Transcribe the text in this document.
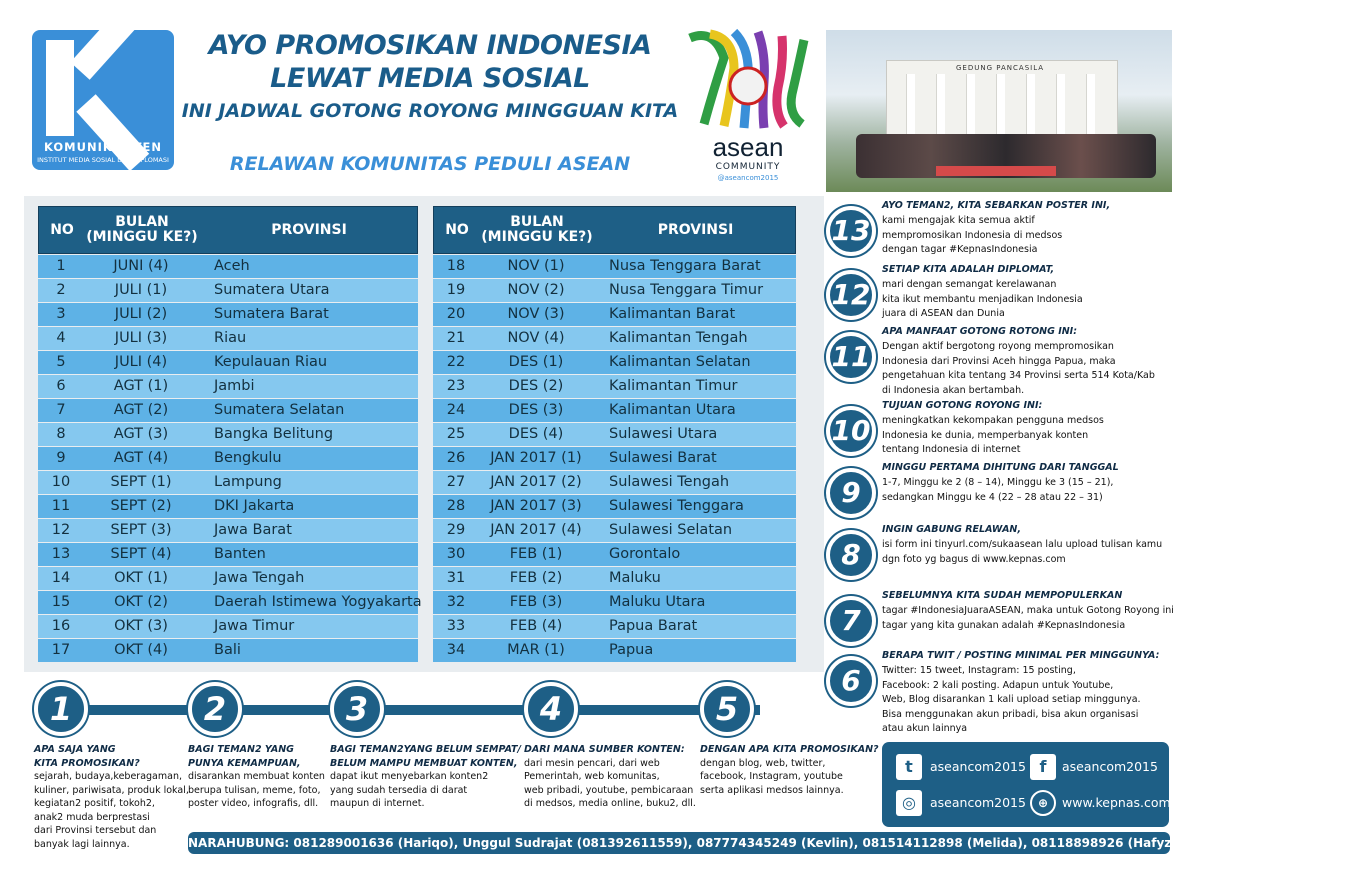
KOMUNIKONTEN
INSTITUT MEDIA SOSIAL DAN DIPLOMASI
AYO PROMOSIKAN INDONESIA
LEWAT MEDIA SOSIAL
INI JADWAL GOTONG ROYONG MINGGUAN KITA
RELAWAN KOMUNITAS PEDULI ASEAN
asean
COMMUNITY
@aseancom2015
GEDUNG PANCASILA
NO	BULAN (MINGGU KE?)	PROVINSI
1	JUNI (4)	Aceh
2	JULI (1)	Sumatera Utara
3	JULI (2)	Sumatera Barat
4	JULI (3)	Riau
5	JULI (4)	Kepulauan Riau
6	AGT (1)	Jambi
7	AGT (2)	Sumatera Selatan
8	AGT (3)	Bangka Belitung
9	AGT (4)	Bengkulu
10	SEPT (1)	Lampung
11	SEPT (2)	DKI Jakarta
12	SEPT (3)	Jawa Barat
13	SEPT (4)	Banten
14	OKT (1)	Jawa Tengah
15	OKT (2)	Daerah Istimewa Yogyakarta
16	OKT (3)	Jawa Timur
17	OKT (4)	Bali
NO	BULAN (MINGGU KE?)	PROVINSI
18	NOV (1)	Nusa Tenggara Barat
19	NOV (2)	Nusa Tenggara Timur
20	NOV (3)	Kalimantan Barat
21	NOV (4)	Kalimantan Tengah
22	DES (1)	Kalimantan Selatan
23	DES (2)	Kalimantan Timur
24	DES (3)	Kalimantan Utara
25	DES (4)	Sulawesi Utara
26	JAN 2017 (1)	Sulawesi Barat
27	JAN 2017 (2)	Sulawesi Tengah
28	JAN 2017 (3)	Sulawesi Tenggara
29	JAN 2017 (4)	Sulawesi Selatan
30	FEB (1)	Gorontalo
31	FEB (2)	Maluku
32	FEB (3)	Maluku Utara
33	FEB (4)	Papua Barat
34	MAR (1)	Papua
13
AYO TEMAN2, KITA SEBARKAN POSTER INI,
kami mengajak kita semua aktif
mempromosikan Indonesia di medsos
dengan tagar #KepnasIndonesia
12
SETIAP KITA ADALAH DIPLOMAT,
mari dengan semangat kerelawanan
kita ikut membantu menjadikan Indonesia
juara di ASEAN dan Dunia
11
APA MANFAAT GOTONG ROTONG INI:
Dengan aktif bergotong royong mempromosikan
Indonesia dari Provinsi Aceh hingga Papua, maka
pengetahuan kita tentang 34 Provinsi serta 514 Kota/Kab
di Indonesia akan bertambah.
10
TUJUAN GOTONG ROYONG INI:
meningkatkan kekompakan pengguna medsos
Indonesia ke dunia, memperbanyak konten
tentang Indonesia di internet
9
MINGGU PERTAMA DIHITUNG DARI TANGGAL
1-7, Minggu ke 2 (8 – 14), Minggu ke 3 (15 – 21),
sedangkan Minggu ke 4 (22 – 28 atau 22 – 31)
8
INGIN GABUNG RELAWAN,
isi form ini tinyurl.com/sukaasean lalu upload tulisan kamu
dgn foto yg bagus di www.kepnas.com
7
SEBELUMNYA KITA SUDAH MEMPOPULERKAN
tagar #IndonesiaJuaraASEAN, maka untuk Gotong Royong ini
tagar yang kita gunakan adalah #KepnasIndonesia
6
BERAPA TWIT / POSTING MINIMAL PER MINGGUNYA:
Twitter: 15 tweet, Instagram: 15 posting,
Facebook: 2 kali posting. Adapun untuk Youtube,
Web, Blog disarankan 1 kali upload setiap minggunya.
Bisa menggunakan akun pribadi, bisa akun organisasi
atau akun lainnya
1
APA SAJA YANG
KITA PROMOSIKAN?
sejarah, budaya,keberagaman,
kuliner, pariwisata, produk lokal,
kegiatan2 positif, tokoh2,
anak2 muda berprestasi
dari Provinsi tersebut dan
banyak lagi lainnya.
2
BAGI TEMAN2 YANG
PUNYA KEMAMPUAN,
disarankan membuat konten
berupa tulisan, meme, foto,
poster video, infografis, dll.
3
BAGI TEMAN2YANG BELUM SEMPAT/
BELUM MAMPU MEMBUAT KONTEN,
dapat ikut menyebarkan konten2
yang sudah tersedia di darat
maupun di internet.
4
DARI MANA SUMBER KONTEN:
dari mesin pencari, dari web
Pemerintah, web komunitas,
web pribadi, youtube, pembicaraan
di medsos, media online, buku2, dll.
5
DENGAN APA KITA PROMOSIKAN?
dengan blog, web, twitter,
facebook, Instagram, youtube
serta aplikasi medsos lainnya.
t	aseancom2015 f	aseancom2015
◎	aseancom2015	⊕	www.kepnas.com
NARAHUBUNG: 081289001636 (Hariqo), Unggul Sudrajat (081392611559), 087774345249 (Kevlin), 081514112898 (Melida), 08118898926 (Hafyz), 085228888484 (Wahyu)
